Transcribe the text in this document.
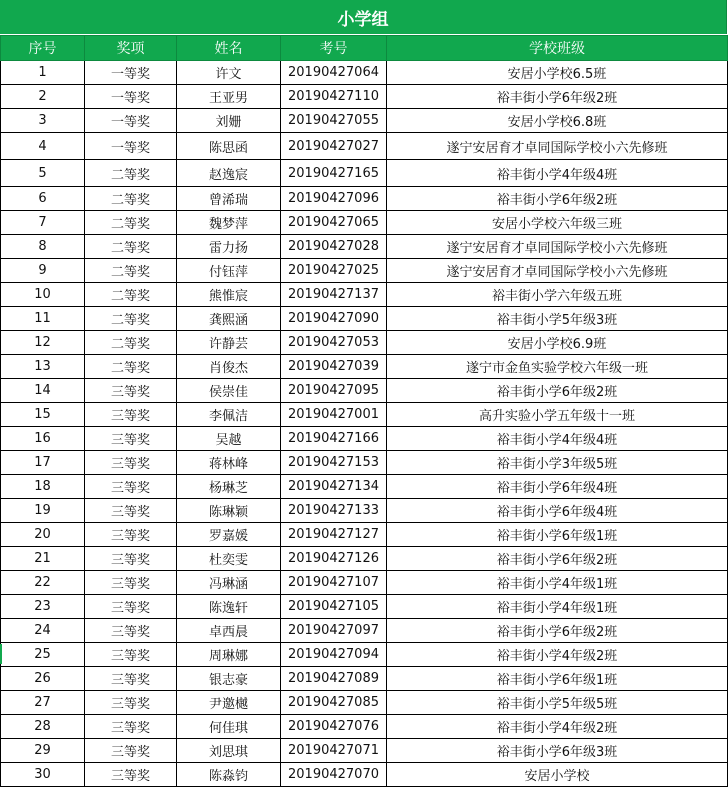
小学组
序号	奖项	姓名	考号	学校班级
1	一等奖	许文	20190427064	安居小学校6.5班
2	一等奖	王亚男	20190427110	裕丰街小学6年级2班
3	一等奖	刘姗	20190427055	安居小学校6.8班
4	一等奖	陈思函	20190427027	遂宁安居育才卓同国际学校小六先修班
5	二等奖	赵逸宸	20190427165	裕丰街小学4年级4班
6	二等奖	曾浠瑞	20190427096	裕丰街小学6年级2班
7	二等奖	魏梦萍	20190427065	安居小学校六年级三班
8	二等奖	雷力扬	20190427028	遂宁安居育才卓同国际学校小六先修班
9	二等奖	付钰萍	20190427025	遂宁安居育才卓同国际学校小六先修班
10	二等奖	熊惟宸	20190427137	裕丰街小学六年级五班
11	二等奖	龚熙涵	20190427090	裕丰街小学5年级3班
12	二等奖	许静芸	20190427053	安居小学校6.9班
13	二等奖	肖俊杰	20190427039	遂宁市金鱼实验学校六年级一班
14	三等奖	侯崇佳	20190427095	裕丰街小学6年级2班
15	三等奖	李佩洁	20190427001	高升实验小学五年级十一班
16	三等奖	吴越	20190427166	裕丰街小学4年级4班
17	三等奖	蒋林峰	20190427153	裕丰街小学3年级5班
18	三等奖	杨琳芝	20190427134	裕丰街小学6年级4班
19	三等奖	陈琳颖	20190427133	裕丰街小学6年级4班
20	三等奖	罗嘉媛	20190427127	裕丰街小学6年级1班
21	三等奖	杜奕雯	20190427126	裕丰街小学6年级2班
22	三等奖	冯琳涵	20190427107	裕丰街小学4年级1班
23	三等奖	陈逸轩	20190427105	裕丰街小学4年级1班
24	三等奖	卓西晨	20190427097	裕丰街小学6年级2班
25	三等奖	周琳娜	20190427094	裕丰街小学4年级2班
26	三等奖	银志豪	20190427089	裕丰街小学6年级1班
27	三等奖	尹邀樾	20190427085	裕丰街小学5年级5班
28	三等奖	何佳琪	20190427076	裕丰街小学4年级2班
29	三等奖	刘思琪	20190427071	裕丰街小学6年级3班
30	三等奖	陈淼钧	20190427070	安居小学校
